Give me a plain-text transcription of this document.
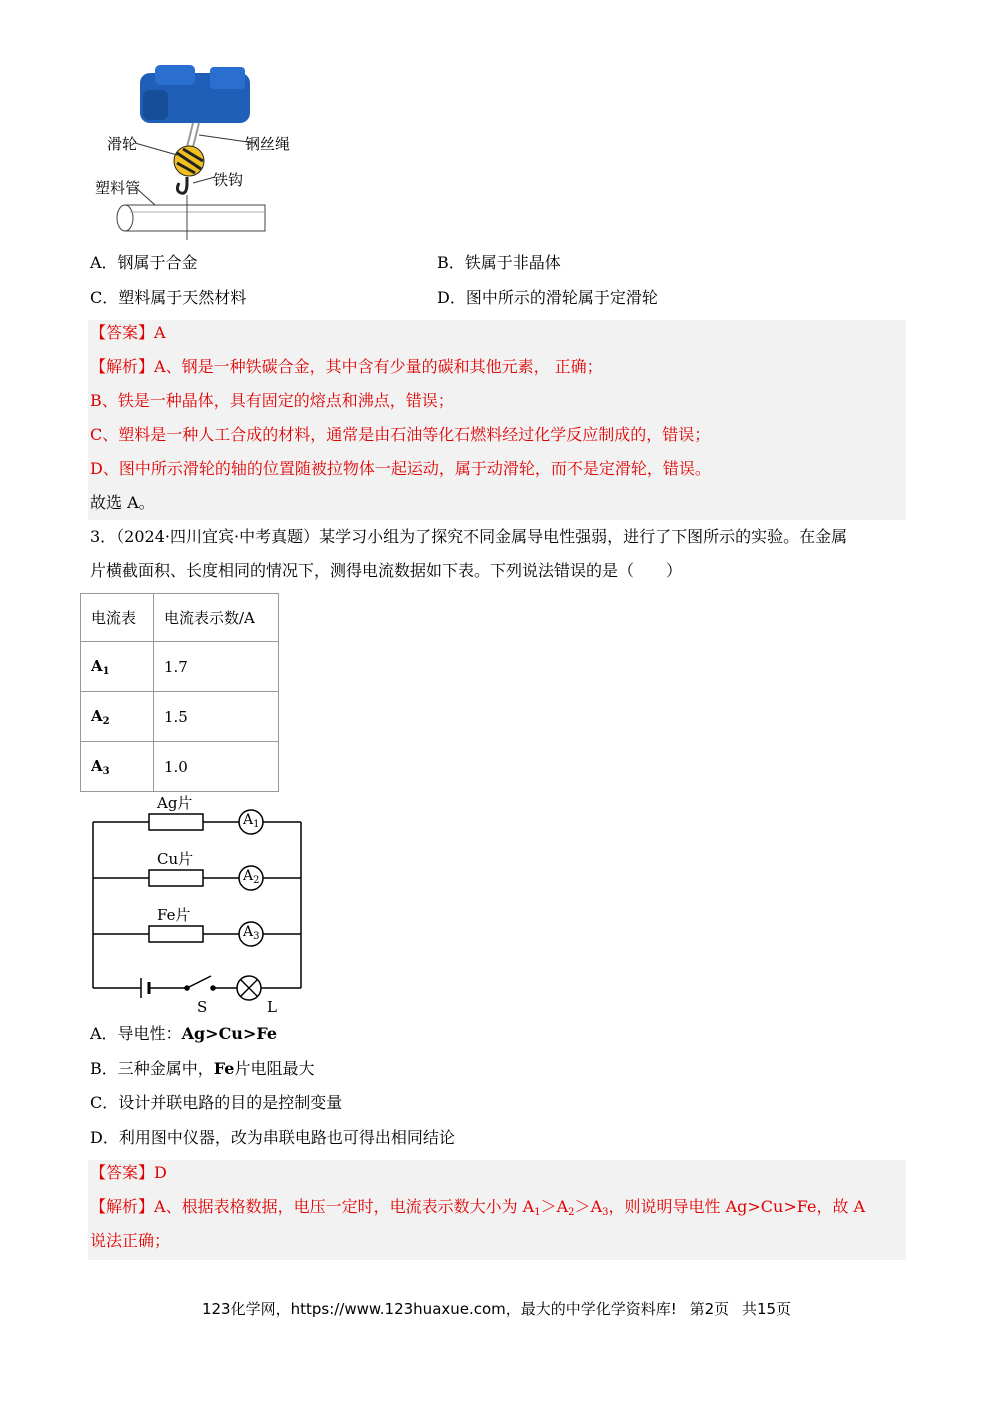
滑轮	钢丝绳
铁钩
塑料管
A．钢属于合金	B．铁属于非晶体
C．塑料属于天然材料	D．图中所示的滑轮属于定滑轮
【答案】A
【解析】A、钢是一种铁碳合金，其中含有少量的碳和其他元素， 正确；
B、铁是一种晶体，具有固定的熔点和沸点，错误；
C、塑料是一种人工合成的材料，通常是由石油等化石燃料经过化学反应制成的，错误；
D、图中所示滑轮的轴的位置随被拉物体一起运动，属于动滑轮，而不是定滑轮，错误。
故选 A。
3．（2024·四川宜宾·中考真题）某学习小组为了探究不同金属导电性强弱，进行了下图所示的实验。在金属
片横截面积、长度相同的情况下，测得电流数据如下表。下列说法错误的是（　　）
电流表	电流表示数/A
$A_1$	1.7
$A_2$	1.5
$A_3$	1.0
Ag片
$A_1$
Cu片
$A_2$
Fe片
$A_3$
S	L
A．导电性：Ag>Cu>Fe
B．三种金属中，Fe片电阻最大
C．设计并联电路的目的是控制变量
D．利用图中仪器，改为串联电路也可得出相同结论
【答案】D
【解析】A、根据表格数据，电压一定时，电流表示数大小为 $A_1>A_2>A_3$，则说明导电性 Ag>Cu>Fe，故 A
说法正确；
123化学网，https://www.123huaxue.com，最大的中学化学资料库! 第2页 共15页
